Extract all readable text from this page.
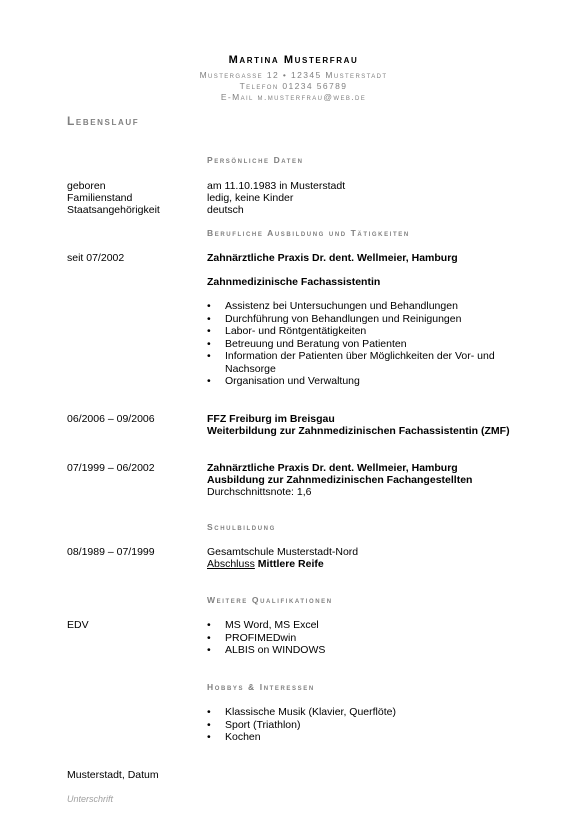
Martina Musterfrau
Mustergasse 12 • 12345 Musterstadt
Telefon 01234 56789
E-Mail m.musterfrau@web.de
Lebenslauf
Persönliche Daten
geboren	am 11.10.1983 in Musterstadt
Familienstand	ledig, keine Kinder
Staatsangehörigkeit	deutsch
Berufliche Ausbildung und Tätigkeiten
seit 07/2002	Zahnärztliche Praxis Dr. dent. Wellmeier, Hamburg
Zahnmedizinische Fachassistentin
• Assistenz bei Untersuchungen und Behandlungen
• Durchführung von Behandlungen und Reinigungen
• Labor- und Röntgentätigkeiten
• Betreuung und Beratung von Patienten
• Information der Patienten über Möglichkeiten der Vor- und Nachsorge
• Organisation und Verwaltung
06/2006 – 09/2006	FFZ Freiburg im Breisgau
Weiterbildung zur Zahnmedizinischen Fachassistentin (ZMF)
07/1999 – 06/2002	Zahnärztliche Praxis Dr. dent. Wellmeier, Hamburg
Ausbildung zur Zahnmedizinischen Fachangestellten
Durchschnittsnote: 1,6
Schulbildung
08/1989 – 07/1999	Gesamtschule Musterstadt-Nord
Abschluss Mittlere Reife
Weitere Qualifikationen
EDV	• MS Word, MS Excel
• PROFIMEDwin
• ALBIS on WINDOWS
Hobbys & Interessen
• Klassische Musik (Klavier, Querflöte)
• Sport (Triathlon)
• Kochen
Musterstadt, Datum
Unterschrift
